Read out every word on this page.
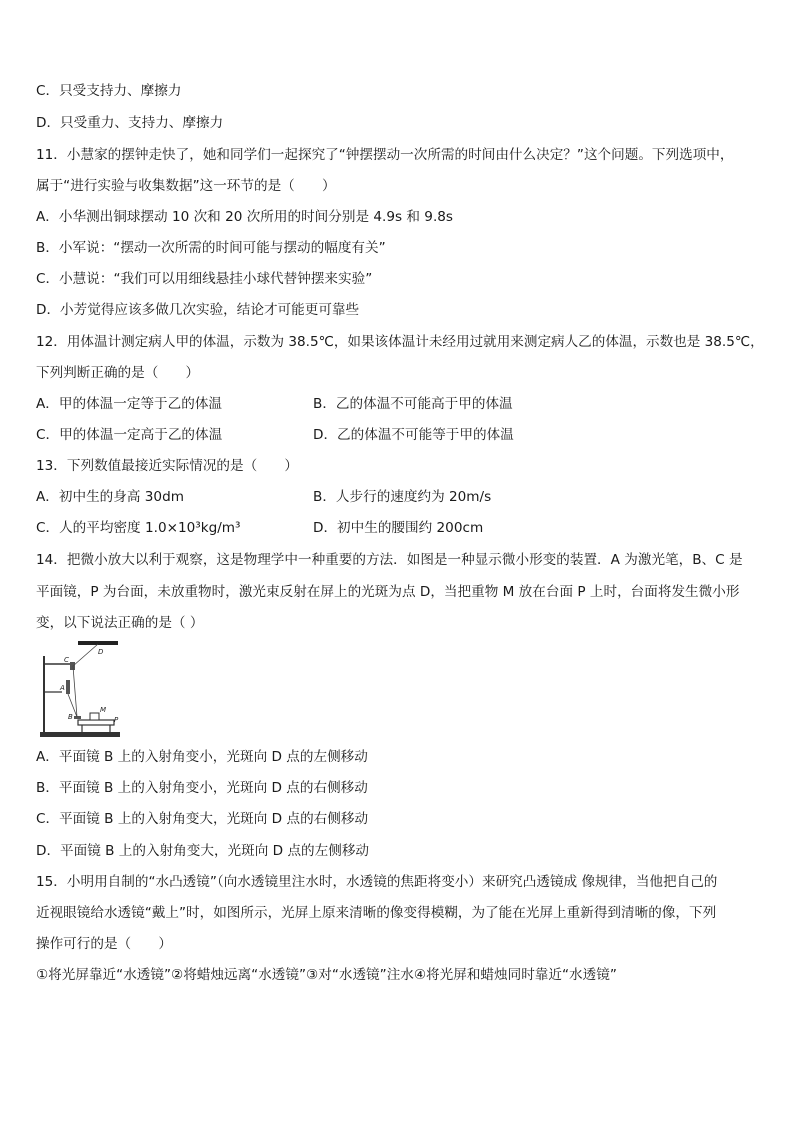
C．只受支持力、摩擦力
D．只受重力、支持力、摩擦力
11．小慧家的摆钟走快了，她和同学们一起探究了“钟摆摆动一次所需的时间由什么决定？”这个问题。下列选项中，
属于“进行实验与收集数据”这一环节的是（　　）
A．小华测出铜球摆动 10 次和 20 次所用的时间分别是 4.9s 和 9.8s
B．小军说：“摆动一次所需的时间可能与摆动的幅度有关”
C．小慧说：“我们可以用细线悬挂小球代替钟摆来实验”
D．小芳觉得应该多做几次实验，结论才可能更可靠些
12．用体温计测定病人甲的体温，示数为 38.5℃，如果该体温计未经用过就用来测定病人乙的体温，示数也是 38.5℃，
下列判断正确的是（　　）
A．甲的体温一定等于乙的体温	B．乙的体温不可能高于甲的体温
C．甲的体温一定高于乙的体温	D．乙的体温不可能等于甲的体温
13．下列数值最接近实际情况的是（　　）
A．初中生的身高 30dm	B．人步行的速度约为 20m/s
C．人的平均密度 1.0×10³kg/m³	D．初中生的腰围约 200cm
14．把微小放大以利于观察，这是物理学中一种重要的方法．如图是一种显示微小形变的装置．A 为激光笔，B、C 是
平面镜，P 为台面，未放重物时，激光束反射在屏上的光斑为点 D，当把重物 M 放在台面 P 上时，台面将发生微小形
变，以下说法正确的是（ ）
D
C
A
B
M
P
A．平面镜 B 上的入射角变小，光斑向 D 点的左侧移动
B．平面镜 B 上的入射角变小，光斑向 D 点的右侧移动
C．平面镜 B 上的入射角变大，光斑向 D 点的右侧移动
D．平面镜 B 上的入射角变大，光斑向 D 点的左侧移动
15．小明用自制的“水凸透镜”（向水透镜里注水时，水透镜的焦距将变小）来研究凸透镜成 像规律，当他把自己的
近视眼镜给水透镜“戴上”时，如图所示，光屏上原来清晰的像变得模糊，为了能在光屏上重新得到清晰的像，下列
操作可行的是（　　）
①将光屏靠近“水透镜”②将蜡烛远离“水透镜”③对“水透镜”注水④将光屏和蜡烛同时靠近“水透镜”
